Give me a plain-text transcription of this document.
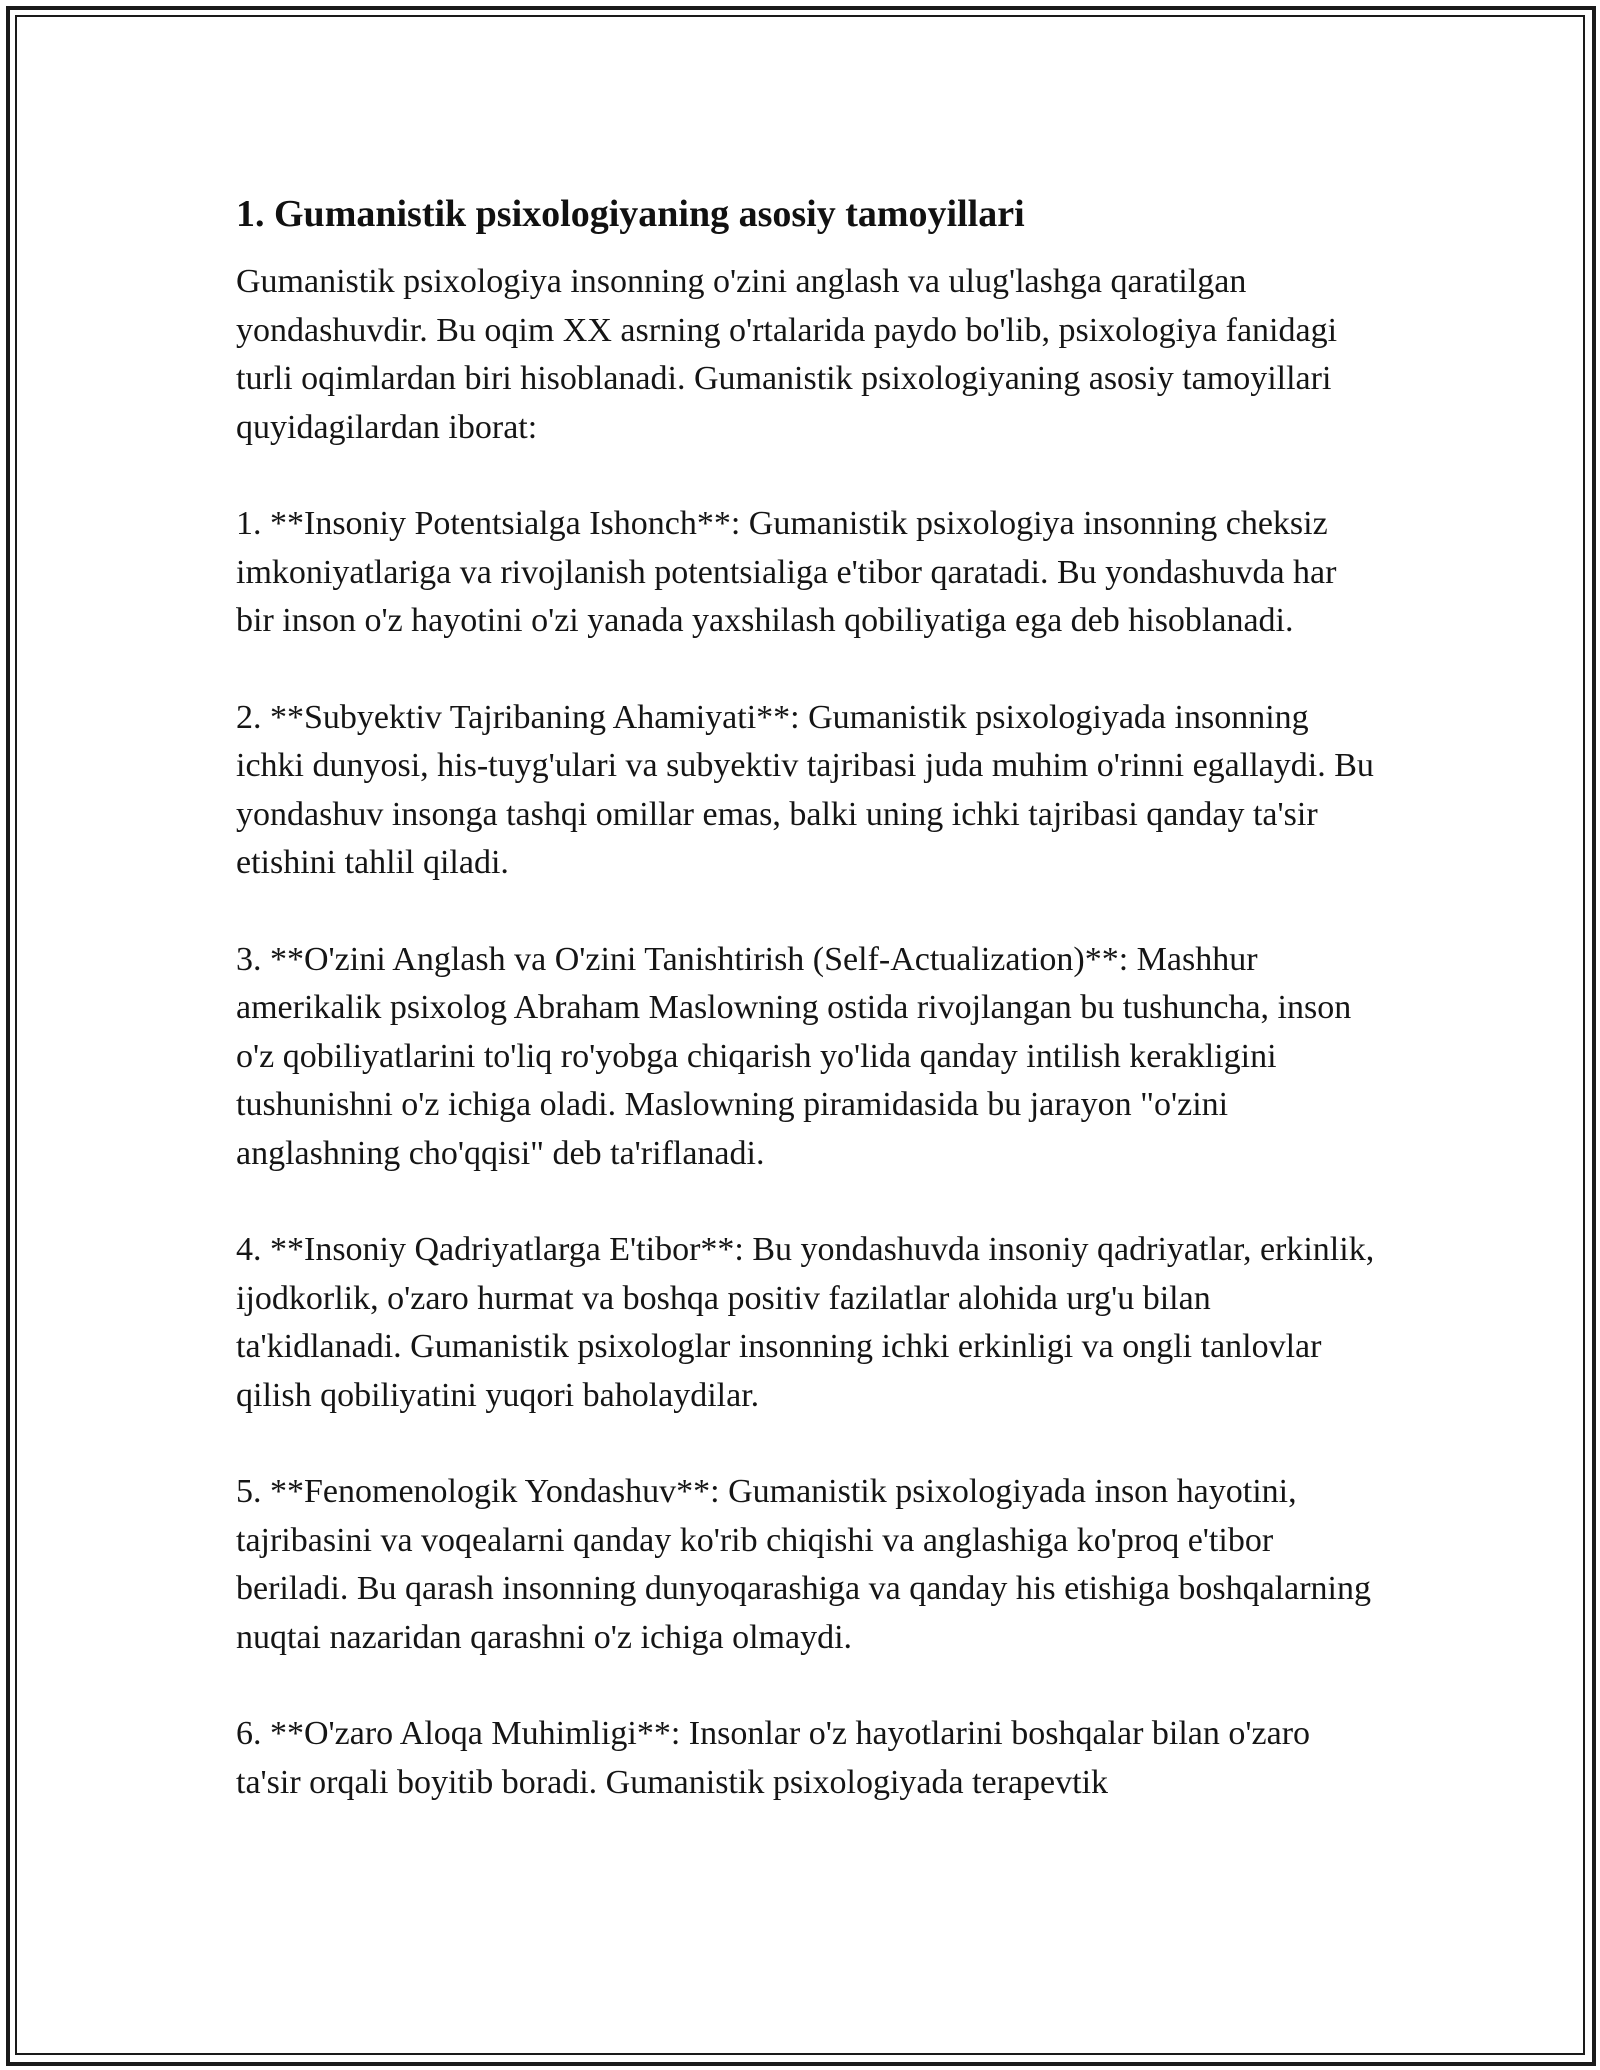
1. Gumanistik psixologiyaning asosiy tamoyillari

Gumanistik psixologiya insonning o'zini anglash va ulug'lashga qaratilgan yondashuvdir. Bu oqim XX asrning o'rtalarida paydo bo'lib, psixologiya fanidagi turli oqimlardan biri hisoblanadi. Gumanistik psixologiyaning asosiy tamoyillari quyidagilardan iborat:

1. **Insoniy Potentsialga Ishonch**: Gumanistik psixologiya insonning cheksiz imkoniyatlariga va rivojlanish potentsialiga e'tibor qaratadi. Bu yondashuvda har bir inson o'z hayotini o'zi yanada yaxshilash qobiliyatiga ega deb hisoblanadi.

2. **Subyektiv Tajribaning Ahamiyati**: Gumanistik psixologiyada insonning ichki dunyosi, his-tuyg'ulari va subyektiv tajribasi juda muhim o'rinni egallaydi. Bu yondashuv insonga tashqi omillar emas, balki uning ichki tajribasi qanday ta'sir etishini tahlil qiladi.

3. **O'zini Anglash va O'zini Tanishtirish (Self-Actualization)**: Mashhur amerikalik psixolog Abraham Maslowning ostida rivojlangan bu tushuncha, inson o'z qobiliyatlarini to'liq ro'yobga chiqarish yo'lida qanday intilish kerakligini tushunishni o'z ichiga oladi. Maslowning piramidasida bu jarayon "o'zini anglashning cho'qqisi" deb ta'riflanadi.

4. **Insoniy Qadriyatlarga E'tibor**: Bu yondashuvda insoniy qadriyatlar, erkinlik, ijodkorlik, o'zaro hurmat va boshqa positiv fazilatlar alohida urg'u bilan ta'kidlanadi. Gumanistik psixologlar insonning ichki erkinligi va ongli tanlovlar qilish qobiliyatini yuqori baholaydilar.

5. **Fenomenologik Yondashuv**: Gumanistik psixologiyada inson hayotini, tajribasini va voqealarni qanday ko'rib chiqishi va anglashiga ko'proq e'tibor beriladi. Bu qarash insonning dunyoqarashiga va qanday his etishiga boshqalarning nuqtai nazaridan qarashni o'z ichiga olmaydi.

6. **O'zaro Aloqa Muhimligi**: Insonlar o'z hayotlarini boshqalar bilan o'zaro ta'sir orqali boyitib boradi. Gumanistik psixologiyada terapevtik
